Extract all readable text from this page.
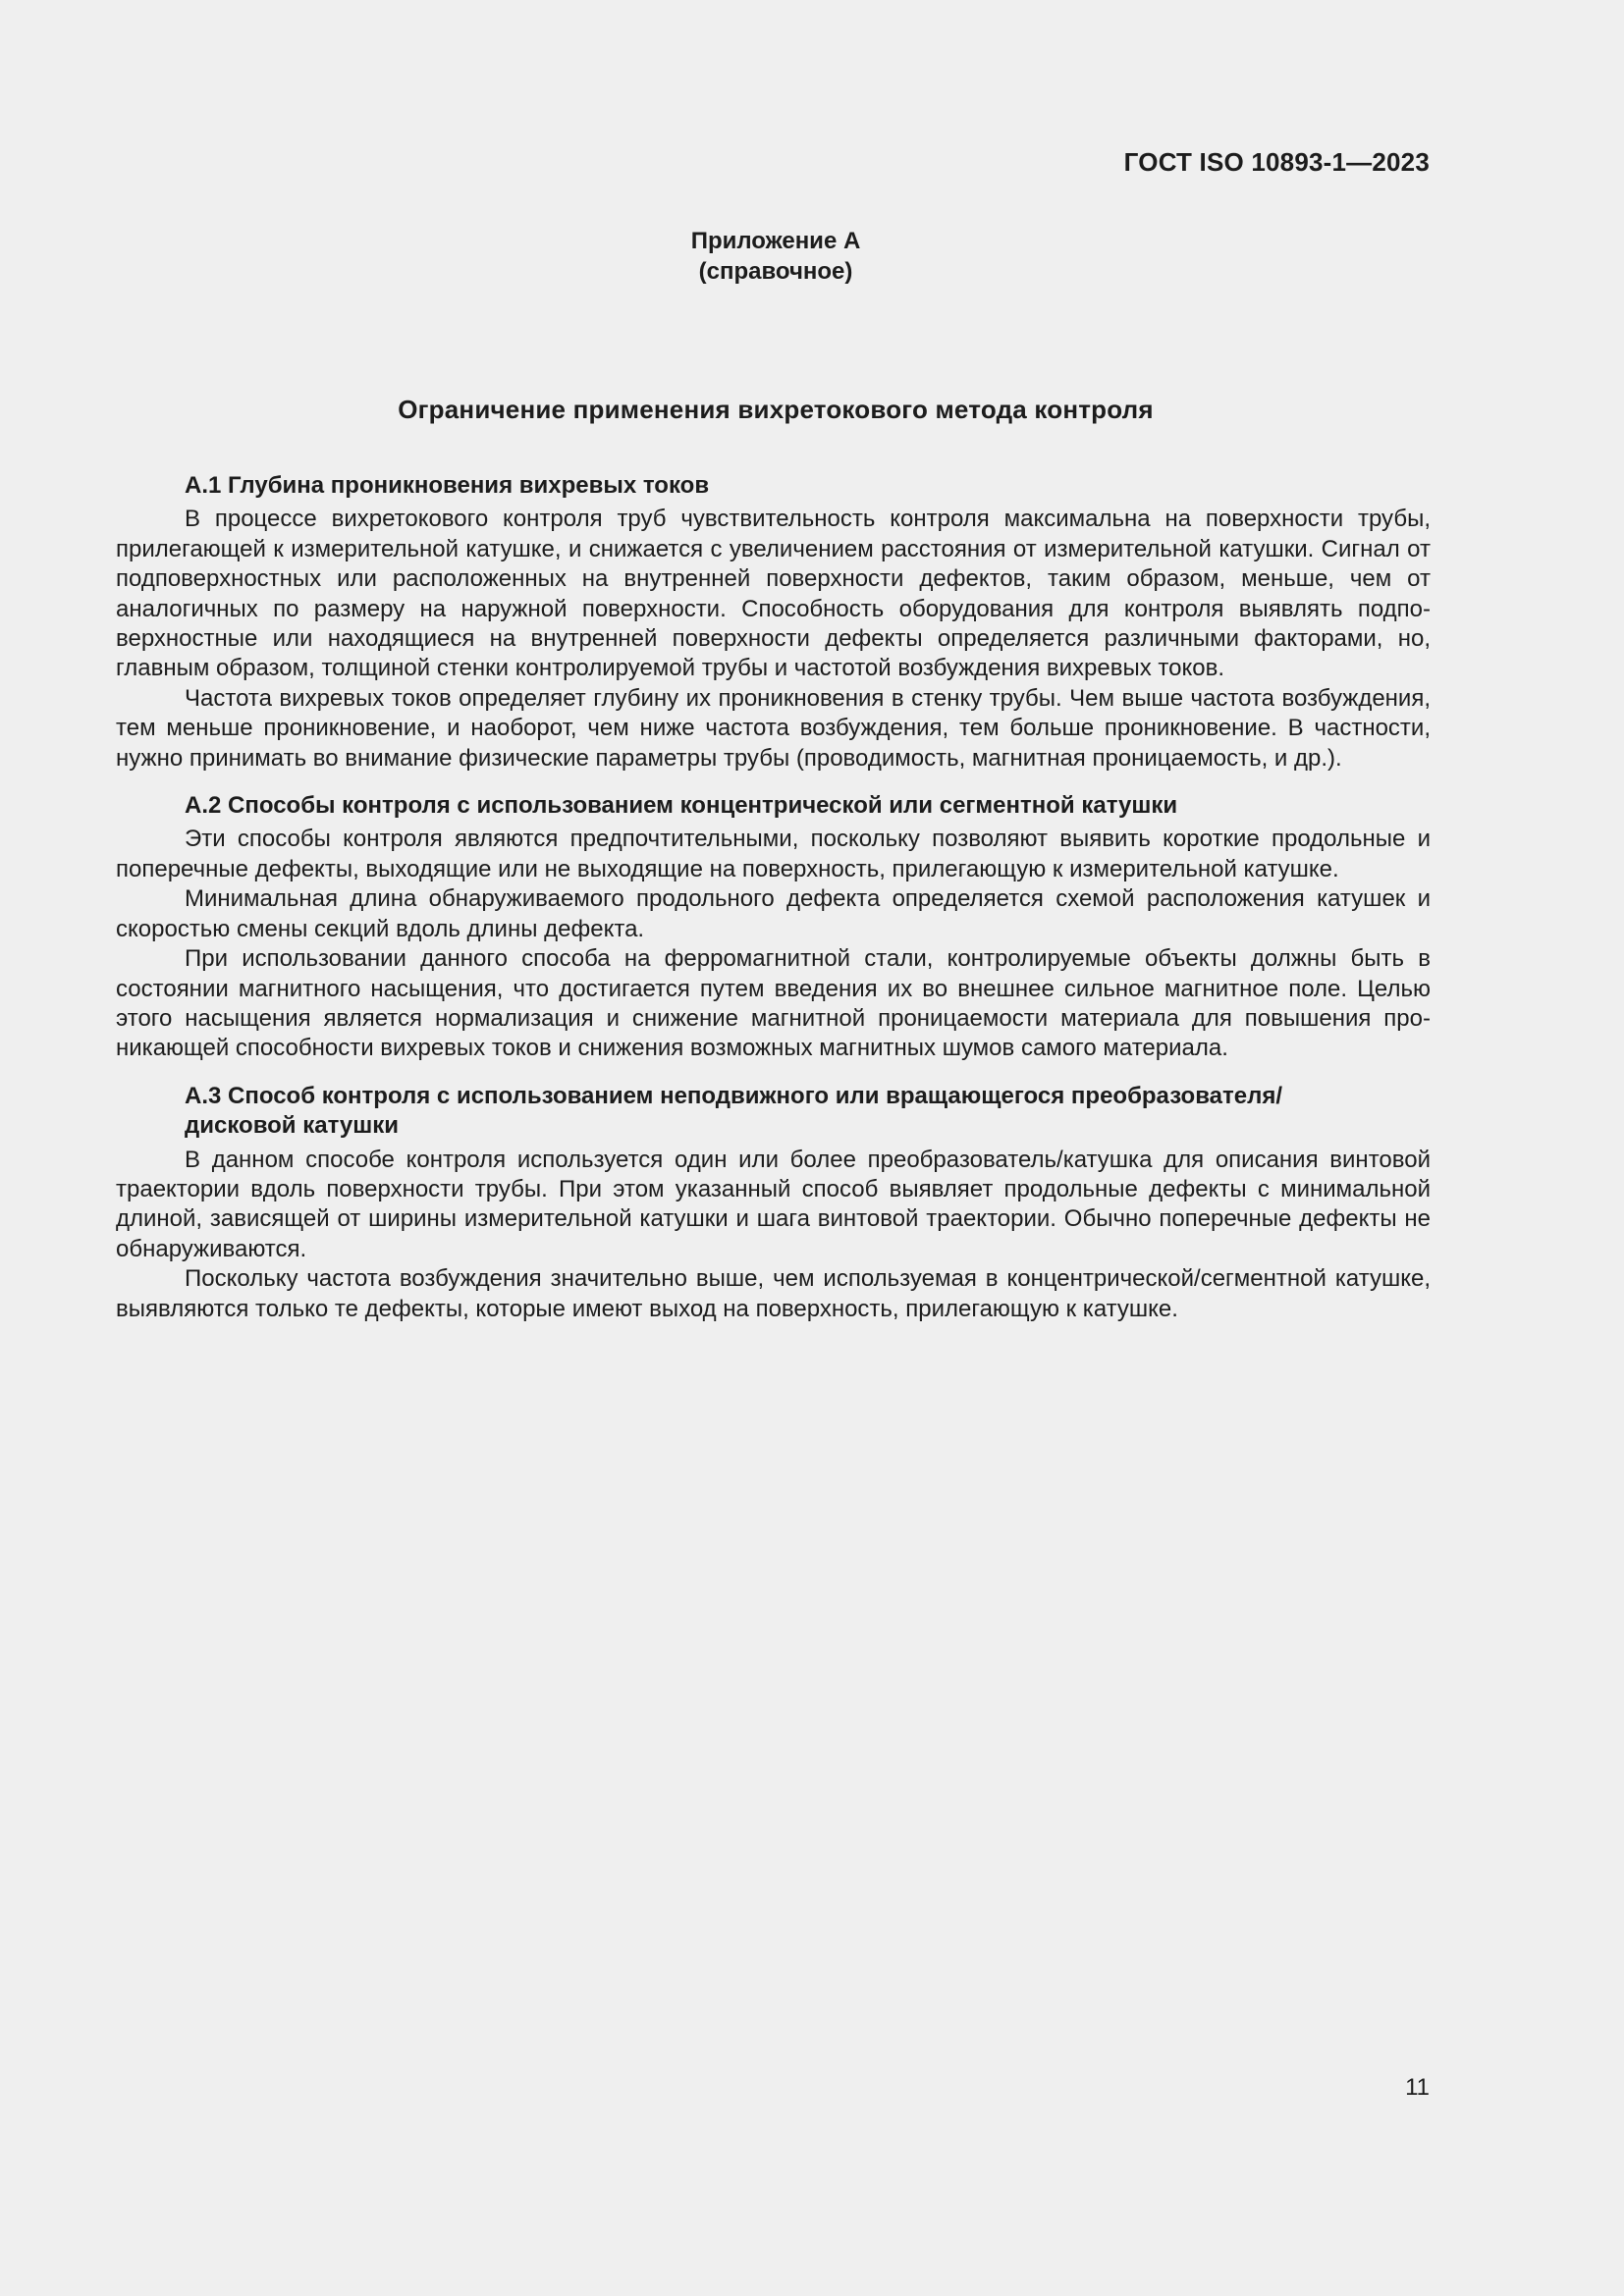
ГОСТ ISO 10893-1—2023
Приложение А
(справочное)
Ограничение применения вихретокового метода контроля
А.1 Глубина проникновения вихревых токов

В процессе вихретокового контроля труб чувствительность контроля максимальна на поверхности трубы, прилегающей к измерительной катушке, и снижается с увеличением расстояния от измерительной катушки. Сигнал от подповерхностных или расположенных на внутренней поверхности дефектов, таким образом, меньше, чем от аналогичных по размеру на наружной поверхности. Способность оборудования для контроля выявлять подповерхностные или находящиеся на внутренней поверхности дефекты определяется различными факторами, но, главным образом, толщиной стенки контролируемой трубы и частотой возбуждения вихревых токов.

Частота вихревых токов определяет глубину их проникновения в стенку трубы. Чем выше частота возбуждения, тем меньше проникновение, и наоборот, чем ниже частота возбуждения, тем больше проникновение. В частности, нужно принимать во внимание физические параметры трубы (проводимость, магнитная проницаемость, и др.).

А.2 Способы контроля с использованием концентрической или сегментной катушки

Эти способы контроля являются предпочтительными, поскольку позволяют выявить короткие продольные и поперечные дефекты, выходящие или не выходящие на поверхность, прилегающую к измерительной катушке.

Минимальная длина обнаруживаемого продольного дефекта определяется схемой расположения катушек и скоростью смены секций вдоль длины дефекта.

При использовании данного способа на ферромагнитной стали, контролируемые объекты должны быть в состоянии магнитного насыщения, что достигается путем введения их во внешнее сильное магнитное поле. Целью этого насыщения является нормализация и снижение магнитной проницаемости материала для повышения проникающей способности вихревых токов и снижения возможных магнитных шумов самого материала.

А.3 Способ контроля с использованием неподвижного или вращающегося преобразователя/
дисковой катушки

В данном способе контроля используется один или более преобразователь/катушка для описания винтовой траектории вдоль поверхности трубы. При этом указанный способ выявляет продольные дефекты с минимальной длиной, зависящей от ширины измерительной катушки и шага винтовой траектории. Обычно поперечные дефекты не обнаруживаются.

Поскольку частота возбуждения значительно выше, чем используемая в концентрической/сегментной катушке, выявляются только те дефекты, которые имеют выход на поверхность, прилегающую к катушке.

11
